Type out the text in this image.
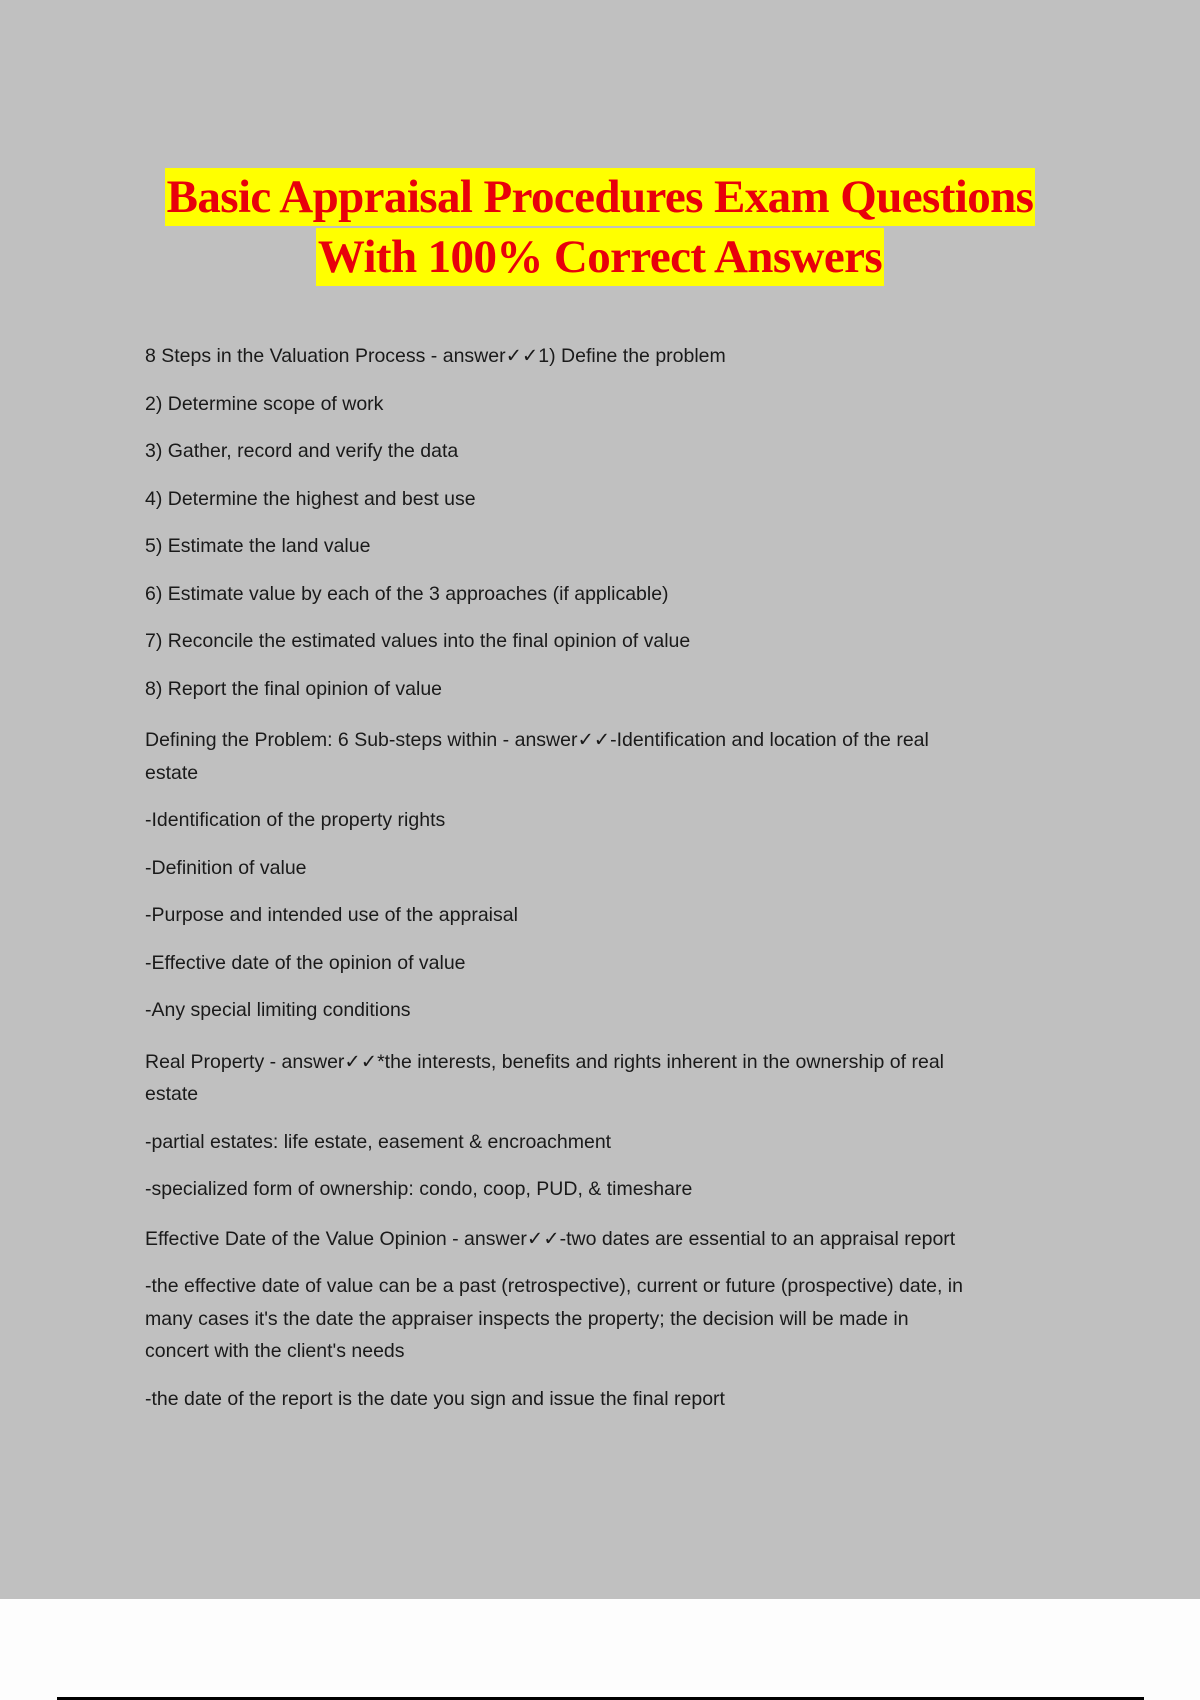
Basic Appraisal Procedures Exam Questions
With 100% Correct Answers
8 Steps in the Valuation Process - answer✓✓1) Define the problem
2) Determine scope of work
3) Gather, record and verify the data
4) Determine the highest and best use
5) Estimate the land value
6) Estimate value by each of the 3 approaches (if applicable)
7) Reconcile the estimated values into the final opinion of value
8) Report the final opinion of value
Defining the Problem: 6 Sub-steps within - answer✓✓-Identification and location of the real
estate
-Identification of the property rights
-Definition of value
-Purpose and intended use of the appraisal
-Effective date of the opinion of value
-Any special limiting conditions
Real Property - answer✓✓*the interests, benefits and rights inherent in the ownership of real
estate
-partial estates: life estate, easement & encroachment
-specialized form of ownership: condo, coop, PUD, & timeshare
Effective Date of the Value Opinion - answer✓✓-two dates are essential to an appraisal report
-the effective date of value can be a past (retrospective), current or future (prospective) date, in
many cases it's the date the appraiser inspects the property; the decision will be made in
concert with the client's needs
-the date of the report is the date you sign and issue the final report
